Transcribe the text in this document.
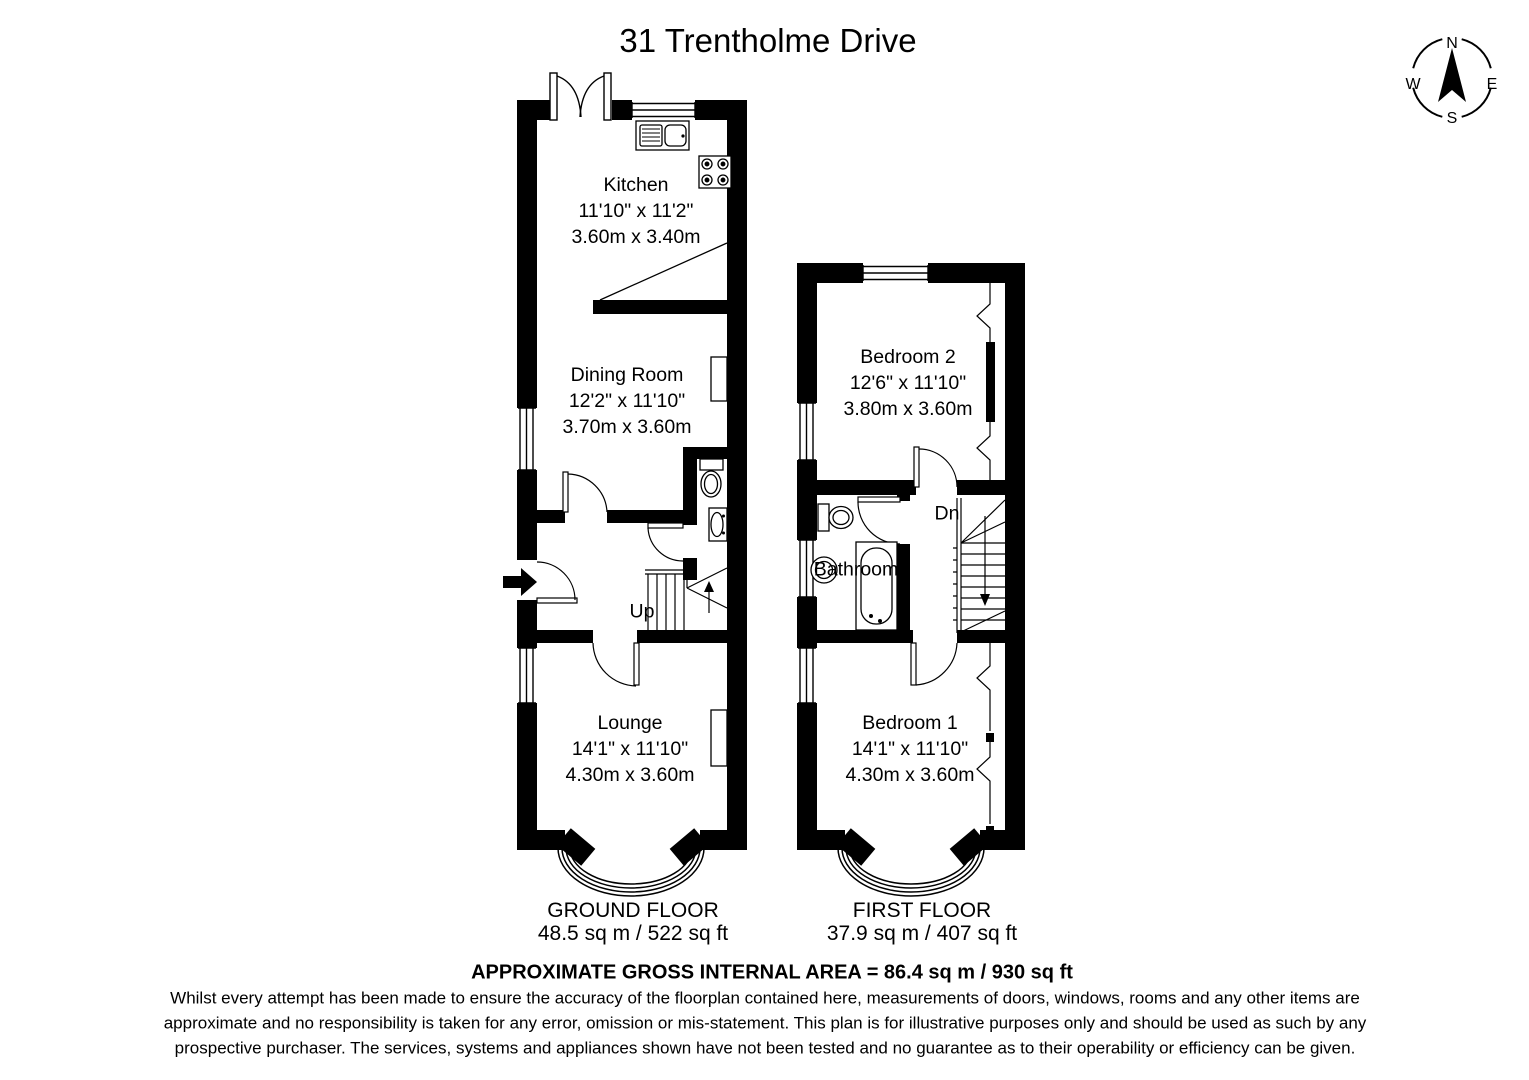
N
E
S
W
31 Trentholme Drive
Kitchen
11'10" x 11'2"
3.60m x 3.40m
Dining Room
12'2" x 11'10"
3.70m x 3.60m
Lounge
14'1" x 11'10"
4.30m x 3.60m
Up
Bedroom 2
12'6" x 11'10"
3.80m x 3.60m
Bedroom 1
14'1" x 11'10"
4.30m x 3.60m
Bathroom
Dn
GROUND FLOOR
48.5 sq m / 522 sq ft
FIRST FLOOR
37.9 sq m / 407 sq ft
APPROXIMATE GROSS INTERNAL AREA = 86.4 sq m / 930 sq ft
Whilst every attempt has been made to ensure the accuracy of the floorplan contained here, measurements of doors, windows, rooms and any other items are
approximate and no responsibility is taken for any error, omission or mis-statement. This plan is for illustrative purposes only and should be used as such by any
prospective purchaser. The services, systems and appliances shown have not been tested and no guarantee as to their operability or efficiency can be given.
